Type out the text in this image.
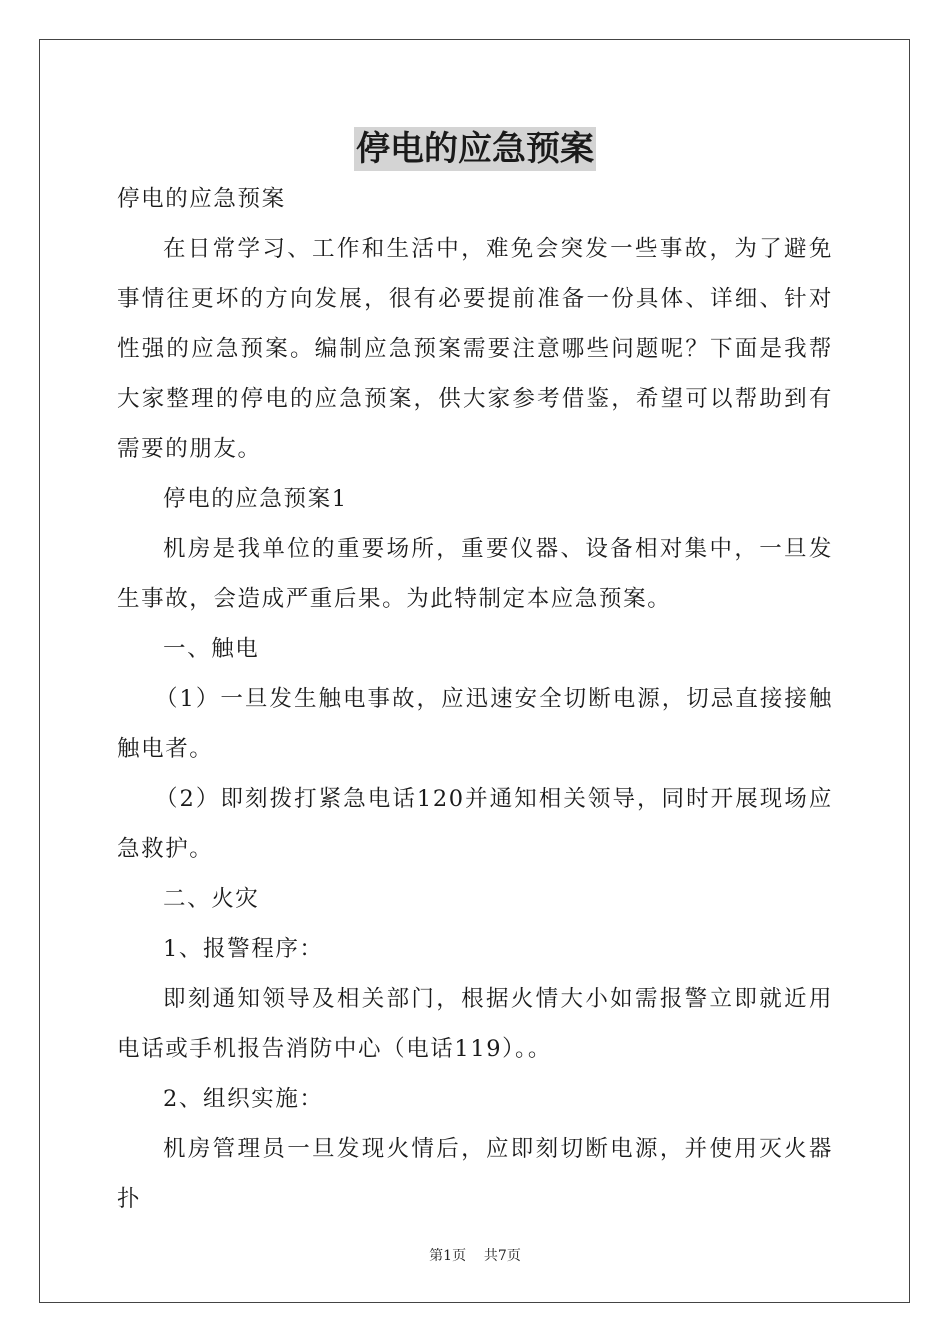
停电的应急预案

停电的应急预案

在日常学习、工作和生活中，难免会突发一些事故，为了避免事情往更坏的方向发展，很有必要提前准备一份具体、详细、针对性强的应急预案。编制应急预案需要注意哪些问题呢？下面是我帮大家整理的停电的应急预案，供大家参考借鉴，希望可以帮助到有需要的朋友。

停电的应急预案1

机房是我单位的重要场所，重要仪器、设备相对集中，一旦发生事故，会造成严重后果。为此特制定本应急预案。

一、触电

（1）一旦发生触电事故，应迅速安全切断电源，切忌直接接触触电者。

（2）即刻拨打紧急电话120并通知相关领导，同时开展现场应急救护。

二、火灾

1、报警程序：

即刻通知领导及相关部门，根据火情大小如需报警立即就近用电话或手机报告消防中心（电话119）。。

2、组织实施：

机房管理员一旦发现火情后，应即刻切断电源，并使用灭火器扑

第1页 共7页
